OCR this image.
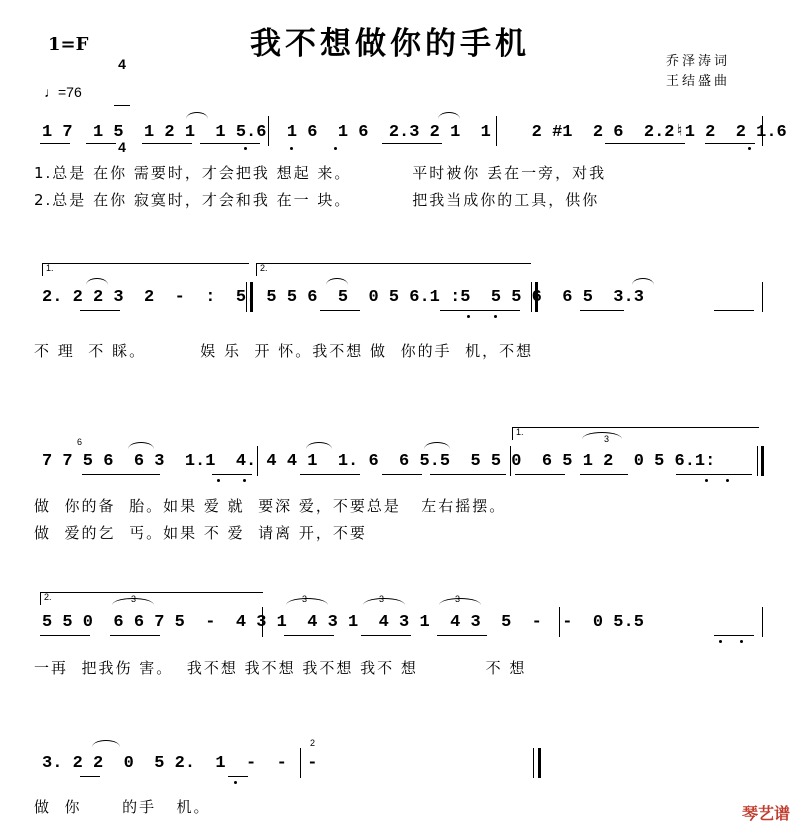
1=F

4

4

我不想做你的手机	乔泽涛词
王结盛曲
♩=76
1 7  1 5  1 2 1  1 5.6  1 6  1 6  2.3 2 1  1    2 #1  2 6  2.2♮1 2  2 1.6
1.总是 在你 需要时，才会把我 想起 来。         平时被你 丢在一旁，对我
2.总是 在你 寂寞时，才会和我 在一 块。         把我当成你的工具，供你
1.	2.
2. 2 2 3  2  -  :  5. 5 5 6  5  0 5 6.1 :5  5 5 6  6 5  3.3
不 理  不 睬。        娱 乐  开 怀。我不想 做  你的手  机，不想
1.
7 7 5 6  6 3  1.1  4. 4 4 1  1. 6  6 5.5  5 5 0  6 5 1 2  0 5 6.1:
6	3
做  你的备  胎。如果 爱 就  要深 爱，不要总是   左右摇摆。
做  爱的乞  丐。如果 不 爱  请离 开，不要
2.
5 5 0  6 6 7 5  -  4 3 1  4 3 1  4 3 1  4 3  5  -  -  0 5.5
3	3	3	3
一再  把我伤 害。  我不想 我不想 我不想 我不 想          不 想
3. 2 2  0  5 2.  1  -  -  -
2
做  你      的手   机。	琴艺谱
